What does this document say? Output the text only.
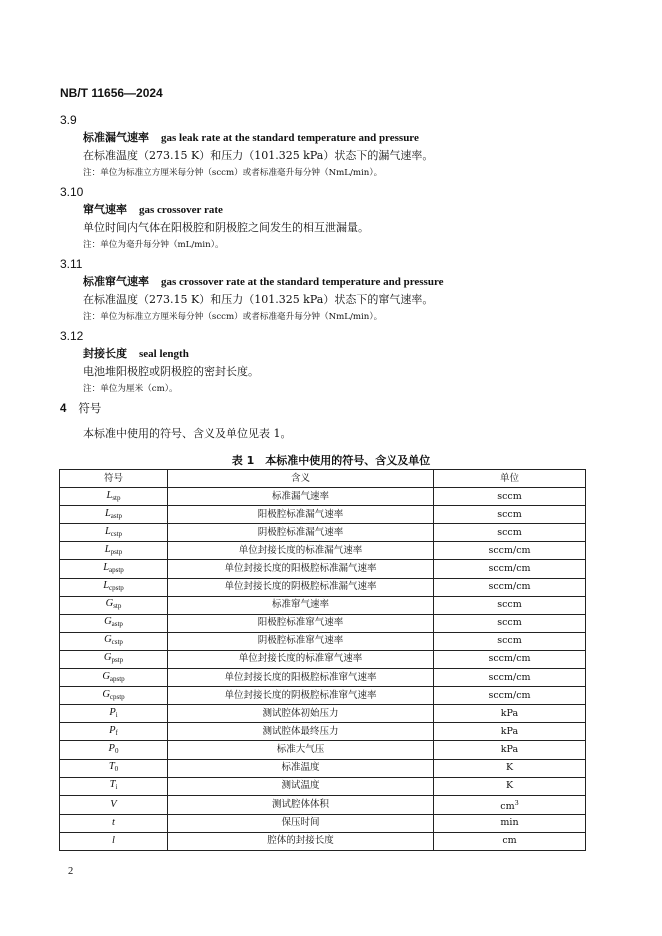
NB/T 11656—2024
3.9
标准漏气速率 gas leak rate at the standard temperature and pressure
在标准温度（273.15 K）和压力（101.325 kPa）状态下的漏气速率。
注：单位为标准立方厘米每分钟（sccm）或者标准毫升每分钟（NmL/min）。
3.10
窜气速率 gas crossover rate
单位时间内气体在阳极腔和阴极腔之间发生的相互泄漏量。
注：单位为毫升每分钟（mL/min）。
3.11
标准窜气速率 gas crossover rate at the standard temperature and pressure
在标准温度（273.15 K）和压力（101.325 kPa）状态下的窜气速率。
注：单位为标准立方厘米每分钟（sccm）或者标准毫升每分钟（NmL/min）。
3.12
封接长度 seal length
电池堆阳极腔或阴极腔的密封长度。
注：单位为厘米（cm）。
4 符号
本标准中使用的符号、含义及单位见表 1。
表 1　本标准中使用的符号、含义及单位
符号	含义	单位
$L_{stp}$	标准漏气速率	sccm
$L_{astp}$	阳极腔标准漏气速率	sccm
$L_{cstp}$	阴极腔标准漏气速率	sccm
$L_{pstp}$	单位封接长度的标准漏气速率	sccm/cm
$L_{apstp}$	单位封接长度的阳极腔标准漏气速率	sccm/cm
$L_{cpstp}$	单位封接长度的阴极腔标准漏气速率	sccm/cm
$G_{stp}$	标准窜气速率	sccm
$G_{astp}$	阳极腔标准窜气速率	sccm
$G_{cstp}$	阴极腔标准窜气速率	sccm
$G_{pstp}$	单位封接长度的标准窜气速率	sccm/cm
$G_{apstp}$	单位封接长度的阳极腔标准窜气速率	sccm/cm
$G_{cpstp}$	单位封接长度的阴极腔标准窜气速率	sccm/cm
$P_i$	测试腔体初始压力	kPa
$P_f$	测试腔体最终压力	kPa
$P_0$	标准大气压	kPa
$T_0$	标准温度	K
$T_i$	测试温度	K
V	测试腔体体积	$cm^3$
t	保压时间	min
l	腔体的封接长度	cm
2
